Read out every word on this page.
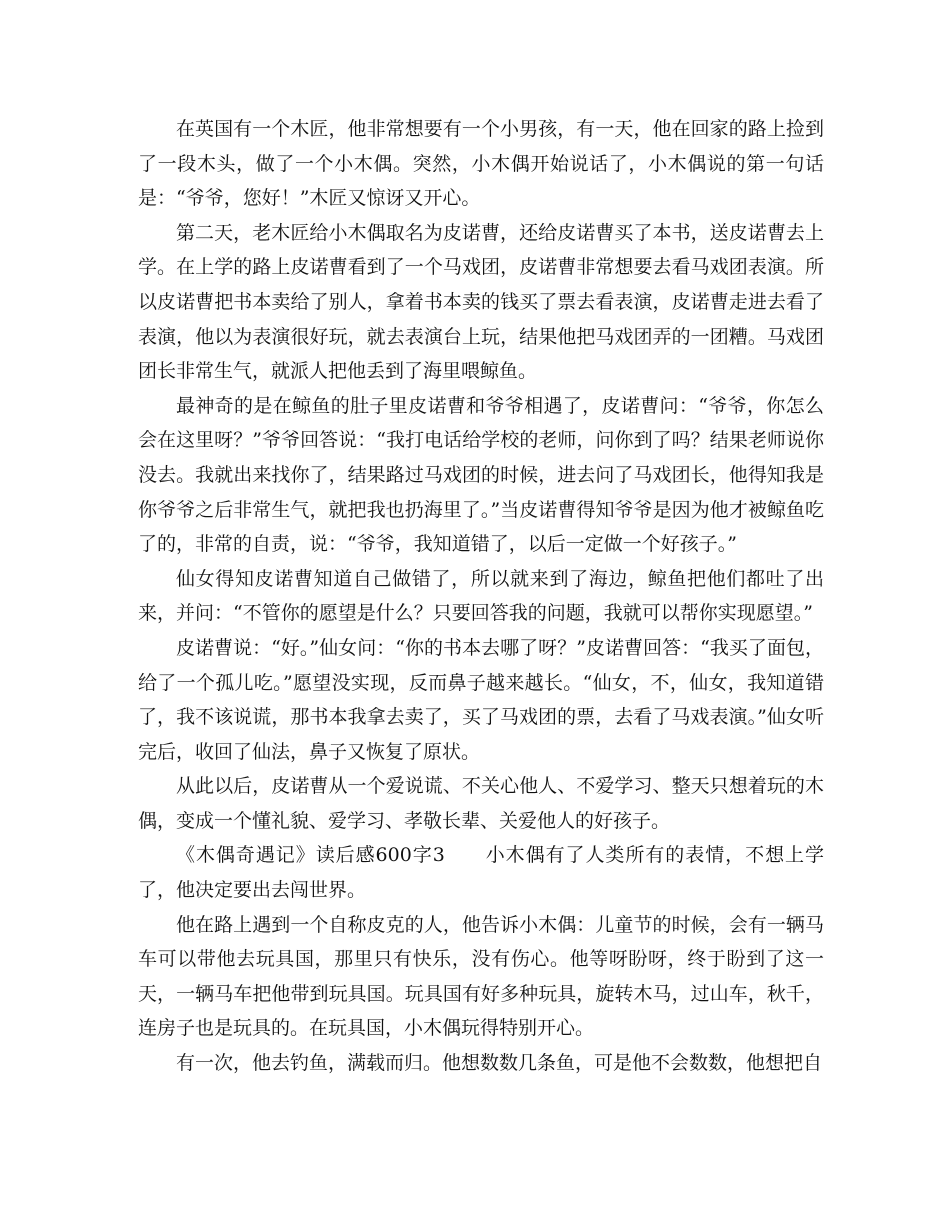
在英国有一个木匠，他非常想要有一个小男孩，有一天，他在回家的路上捡到了一段木头，做了一个小木偶。突然，小木偶开始说话了，小木偶说的第一句话是：“爷爷，您好！”木匠又惊讶又开心。

第二天，老木匠给小木偶取名为皮诺曹，还给皮诺曹买了本书，送皮诺曹去上学。在上学的路上皮诺曹看到了一个马戏团，皮诺曹非常想要去看马戏团表演。所以皮诺曹把书本卖给了别人，拿着书本卖的钱买了票去看表演，皮诺曹走进去看了表演，他以为表演很好玩，就去表演台上玩，结果他把马戏团弄的一团糟。马戏团团长非常生气，就派人把他丢到了海里喂鲸鱼。

最神奇的是在鲸鱼的肚子里皮诺曹和爷爷相遇了，皮诺曹问：“爷爷，你怎么会在这里呀？”爷爷回答说：“我打电话给学校的老师，问你到了吗？结果老师说你没去。我就出来找你了，结果路过马戏团的时候，进去问了马戏团长，他得知我是你爷爷之后非常生气，就把我也扔海里了。”当皮诺曹得知爷爷是因为他才被鲸鱼吃了的，非常的自责，说：“爷爷，我知道错了，以后一定做一个好孩子。”

仙女得知皮诺曹知道自己做错了，所以就来到了海边，鲸鱼把他们都吐了出来，并问：“不管你的愿望是什么？只要回答我的问题，我就可以帮你实现愿望。”

皮诺曹说：“好。”仙女问：“你的书本去哪了呀？”皮诺曹回答：“我买了面包，给了一个孤儿吃。”愿望没实现，反而鼻子越来越长。“仙女，不，仙女，我知道错了，我不该说谎，那书本我拿去卖了，买了马戏团的票，去看了马戏表演。”仙女听完后，收回了仙法，鼻子又恢复了原状。

从此以后，皮诺曹从一个爱说谎、不关心他人、不爱学习、整天只想着玩的木偶，变成一个懂礼貌、爱学习、孝敬长辈、关爱他人的好孩子。

《木偶奇遇记》读后感600字3　　小木偶有了人类所有的表情，不想上学了，他决定要出去闯世界。

他在路上遇到一个自称皮克的人，他告诉小木偶：儿童节的时候，会有一辆马车可以带他去玩具国，那里只有快乐，没有伤心。他等呀盼呀，终于盼到了这一天，一辆马车把他带到玩具国。玩具国有好多种玩具，旋转木马，过山车，秋千，连房子也是玩具的。在玩具国，小木偶玩得特别开心。

有一次，他去钓鱼，满载而归。他想数数几条鱼，可是他不会数数，他想把自
